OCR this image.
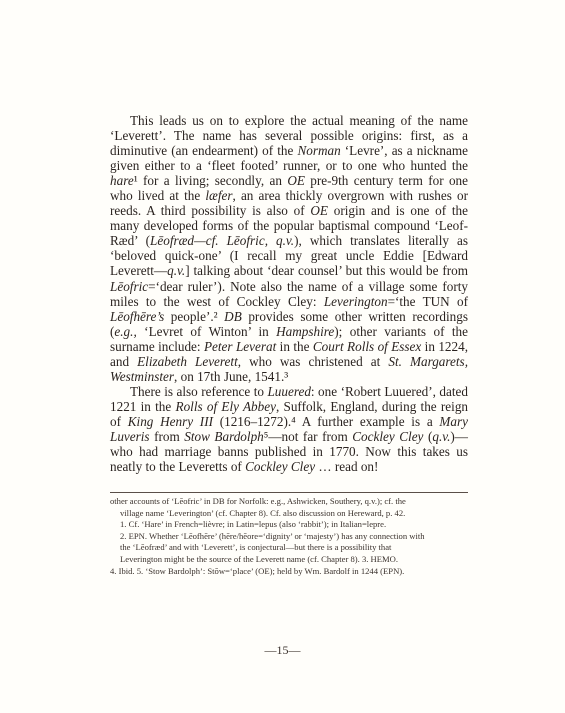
This leads us on to explore the actual meaning of the name ‘Leverett’. The name has several possible origins: first, as a diminutive (an endearment) of the Norman ‘Levre’, as a nickname given either to a ‘fleet footed’ runner, or to one who hunted the hare¹ for a living; secondly, an OE pre-9th century term for one who lived at the læfer, an area thickly overgrown with rushes or reeds. A third possibility is also of OE origin and is one of the many developed forms of the popular baptismal compound ‘Leof-Ræd’ (Lēofræd—cf. Lēofric, q.v.), which translates literally as ‘beloved quick-one’ (I recall my great uncle Eddie [Edward Leverett—q.v.] talking about ‘dear counsel’ but this would be from Lēofric=‘dear ruler’). Note also the name of a village some forty miles to the west of Cockley Cley: Leverington=‘the TUN of Lēofhēre’s people’.² DB provides some other written recordings (e.g., ‘Levret of Winton’ in Hampshire); other variants of the surname include: Peter Leverat in the Court Rolls of Essex in 1224, and Elizabeth Leverett, who was christened at St. Margarets, Westminster, on 17th June, 1541.³

There is also reference to Luuered: one ‘Robert Luuered’, dated 1221 in the Rolls of Ely Abbey, Suffolk, England, during the reign of King Henry III (1216–1272).⁴ A further example is a Mary Luveris from Stow Bardolph⁵—not far from Cockley Cley (q.v.)—who had marriage banns published in 1770. Now this takes us neatly to the Leveretts of Cockley Cley … read on!

other accounts of ‘Lēofric’ in DB for Norfolk: e.g., Ashwicken, Southery, q.v.); cf. the
village name ‘Leverington’ (cf. Chapter 8). Cf. also discussion on Hereward, p. 42.
1. Cf. ‘Hare’ in French=lièvre; in Latin=lepus (also ‘rabbit’); in Italian=lepre.
2. EPN. Whether ‘Lēofhēre’ (hēre/hēore=‘dignity’ or ‘majesty’) has any connection with
the ‘Lēofræd’ and with ‘Leverett’, is conjectural—but there is a possibility that
Leverington might be the source of the Leverett name (cf. Chapter 8). 3. HEMO.
4. Ibid. 5. ‘Stow Bardolph’: Stōw=‘place’ (OE); held by Wm. Bardolf in 1244 (EPN).
—15—
